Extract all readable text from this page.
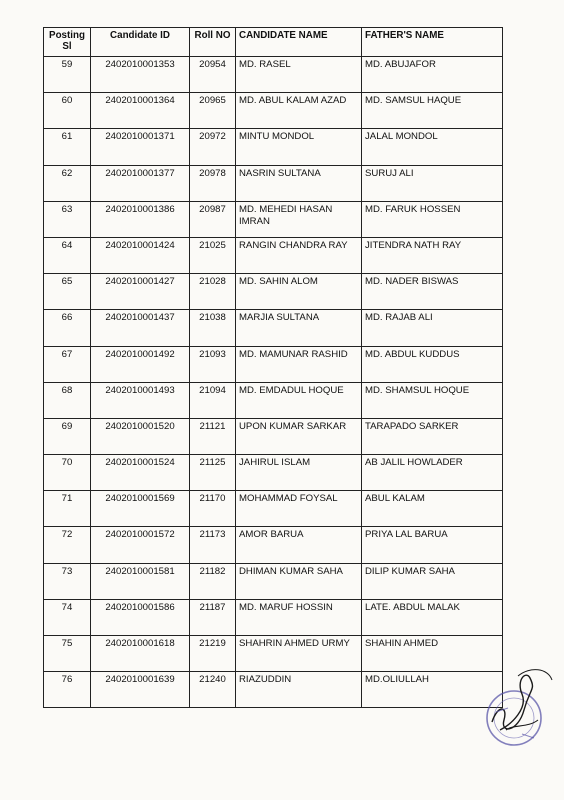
Posting Sl	Candidate ID	Roll NO	CANDIDATE NAME	FATHER'S NAME
59	2402010001353	20954	MD. RASEL	MD. ABUJAFOR
60	2402010001364	20965	MD. ABUL KALAM AZAD	MD. SAMSUL HAQUE
61	2402010001371	20972	MINTU MONDOL	JALAL MONDOL
62	2402010001377	20978	NASRIN SULTANA	SURUJ ALI
63	2402010001386	20987	MD. MEHEDI HASAN IMRAN	MD. FARUK HOSSEN
64	2402010001424	21025	RANGIN CHANDRA RAY	JITENDRA NATH RAY
65	2402010001427	21028	MD. SAHIN ALOM	MD. NADER BISWAS
66	2402010001437	21038	MARJIA SULTANA	MD. RAJAB ALI
67	2402010001492	21093	MD. MAMUNAR RASHID	MD. ABDUL KUDDUS
68	2402010001493	21094	MD. EMDADUL HOQUE	MD. SHAMSUL HOQUE
69	2402010001520	21121	UPON KUMAR SARKAR	TARAPADO SARKER
70	2402010001524	21125	JAHIRUL ISLAM	AB JALIL HOWLADER
71	2402010001569	21170	MOHAMMAD FOYSAL	ABUL KALAM
72	2402010001572	21173	AMOR BARUA	PRIYA LAL BARUA
73	2402010001581	21182	DHIMAN KUMAR SAHA	DILIP KUMAR SAHA
74	2402010001586	21187	MD. MARUF HOSSIN	LATE. ABDUL MALAK
75	2402010001618	21219	SHAHRIN AHMED URMY	SHAHIN AHMED
76	2402010001639	21240	RIAZUDDIN	MD.OLIULLAH
